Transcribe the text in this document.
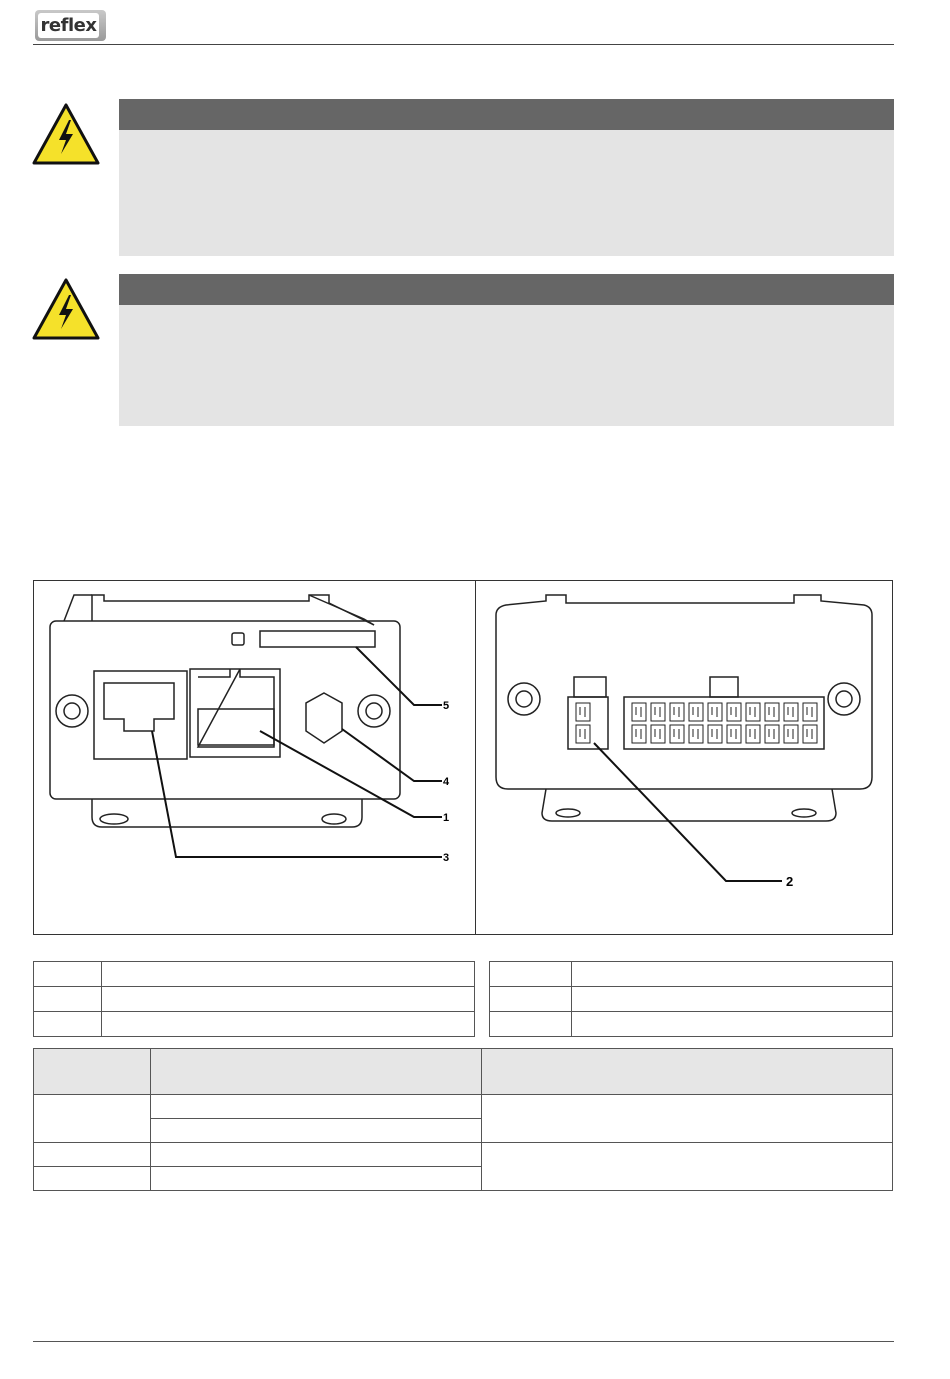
reflex
5
4
1
3
2
